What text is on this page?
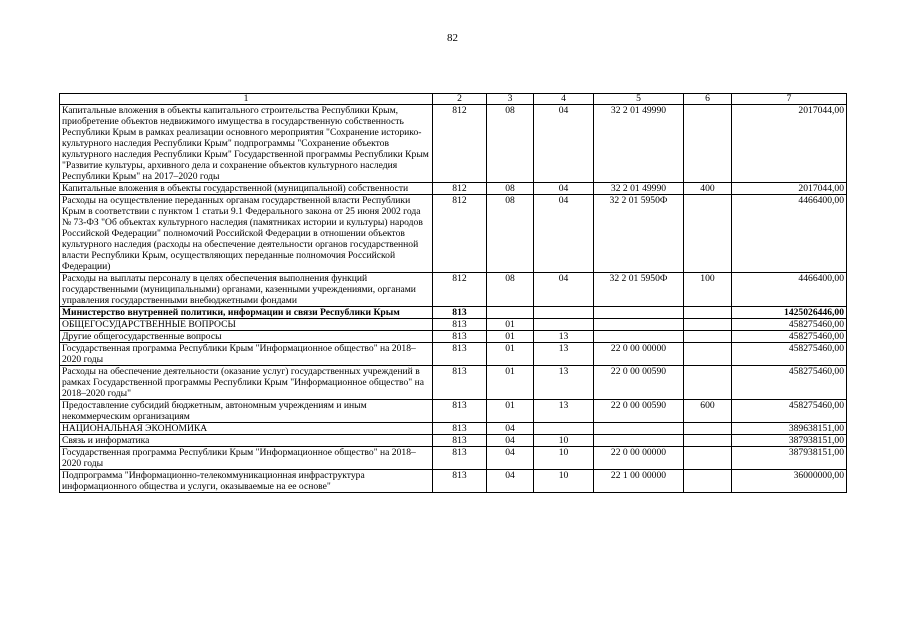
82
1	2	3	4	5	6	7
Капитальные вложения в объекты капитального строительства Республики Крым, приобретение объектов недвижимого имущества в государственную собственность Республики Крым в рамках реализации основного мероприятия "Сохранение историко-культурного наследия Республики Крым" подпрограммы "Сохранение объектов культурного наследия Республики Крым" Государственной программы Республики Крым "Развитие культуры, архивного дела и сохранение объектов культурного наследия Республики Крым" на 2017–2020 годы	812	08	04	32 2 01 49990		2017044,00
Капитальные вложения в объекты государственной (муниципальной) собственности	812	08	04	32 2 01 49990	400	2017044,00
Расходы на осуществление переданных органам государственной власти Республики Крым в соответствии с пунктом 1 статьи 9.1 Федерального закона от 25 июня 2002 года № 73-ФЗ "Об объектах культурного наследия (памятниках истории и культуры) народов Российской Федерации" полномочий Российской Федерации в отношении объектов культурного наследия (расходы на обеспечение деятельности органов государственной власти Республики Крым, осуществляющих переданные полномочия Российской Федерации)	812	08	04	32 2 01 5950Ф		4466400,00
Расходы на выплаты персоналу в целях обеспечения выполнения функций государственными (муниципальными) органами, казенными учреждениями, органами управления государственными внебюджетными фондами	812	08	04	32 2 01 5950Ф	100	4466400,00
Министерство внутренней политики, информации и связи Республики Крым	813					1425026446,00
ОБЩЕГОСУДАРСТВЕННЫЕ ВОПРОСЫ	813	01				458275460,00
Другие общегосударственные вопросы	813	01	13			458275460,00
Государственная программа Республики Крым "Информационное общество" на 2018–2020 годы	813	01	13	22 0 00 00000		458275460,00
Расходы на обеспечение деятельности (оказание услуг) государственных учреждений в рамках Государственной программы Республики Крым "Информационное общество" на 2018–2020 годы"	813	01	13	22 0 00 00590		458275460,00
Предоставление субсидий бюджетным, автономным учреждениям и иным некоммерческим организациям	813	01	13	22 0 00 00590	600	458275460,00
НАЦИОНАЛЬНАЯ ЭКОНОМИКА	813	04				389638151,00
Связь и информатика	813	04	10			387938151,00
Государственная программа Республики Крым "Информационное общество" на 2018–2020 годы	813	04	10	22 0 00 00000		387938151,00
Подпрограмма "Информационно-телекоммуникационная инфраструктура информационного общества и услуги, оказываемые на ее основе"	813	04	10	22 1 00 00000		36000000,00
